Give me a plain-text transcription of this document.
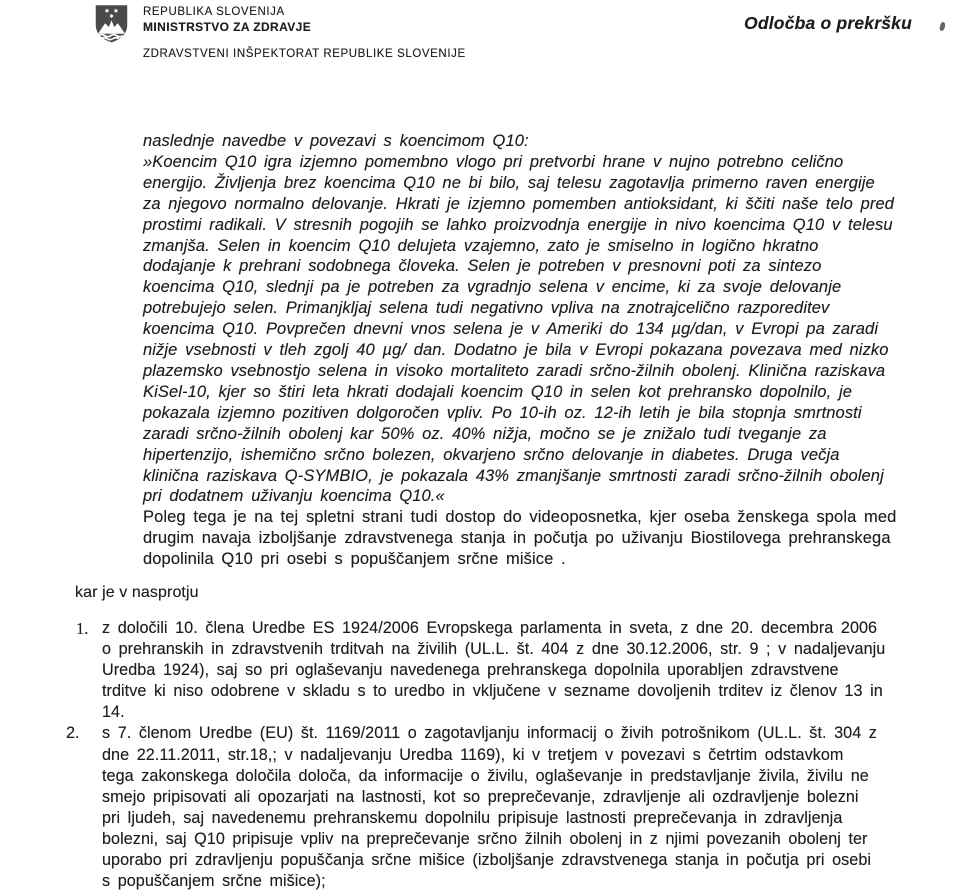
REPUBLIKA SLOVENIJA
MINISTRSTVO ZA ZDRAVJE
ZDRAVSTVENI INŠPEKTORAT REPUBLIKE SLOVENIJE
Odločba o prekršku
naslednje navedbe v povezavi s koencimom Q10:
»Koencim Q10 igra izjemno pomembno vlogo pri pretvorbi hrane v nujno potrebno celično
energijo. Življenja brez koencima Q10 ne bi bilo, saj telesu zagotavlja primerno raven energije
za njegovo normalno delovanje. Hkrati je izjemno pomemben antioksidant, ki ščiti naše telo pred
prostimi radikali. V stresnih pogojih se lahko proizvodnja energije in nivo koencima Q10 v telesu
zmanjša. Selen in koencim Q10 delujeta vzajemno, zato je smiselno in logično hkratno
dodajanje k prehrani sodobnega človeka. Selen je potreben v presnovni poti za sintezo
koencima Q10, slednji pa je potreben za vgradnjo selena v encime, ki za svoje delovanje
potrebujejo selen. Primanjkljaj selena tudi negativno vpliva na znotrajcelično razporeditev
koencima Q10. Povprečen dnevni vnos selena je v Ameriki do 134 µg/dan, v Evropi pa zaradi
nižje vsebnosti v tleh zgolj 40 µg/ dan. Dodatno je bila v Evropi pokazana povezava med nizko
plazemsko vsebnostjo selena in visoko mortaliteto zaradi srčno-žilnih obolenj. Klinična raziskava
KiSel-10, kjer so štiri leta hkrati dodajali koencim Q10 in selen kot prehransko dopolnilo, je
pokazala izjemno pozitiven dolgoročen vpliv. Po 10-ih oz. 12-ih letih je bila stopnja smrtnosti
zaradi srčno-žilnih obolenj kar 50% oz. 40% nižja, močno se je znižalo tudi tveganje za
hipertenzijo, ishemično srčno bolezen, okvarjeno srčno delovanje in diabetes. Druga večja
klinična raziskava Q-SYMBIO, je pokazala 43% zmanjšanje smrtnosti zaradi srčno-žilnih obolenj
pri dodatnem uživanju koencima Q10.«
Poleg tega je na tej spletni strani tudi dostop do videoposnetka, kjer oseba ženskega spola med
drugim navaja izboljšanje zdravstvenega stanja in počutja po uživanju Biostilovega prehranskega
dopolinila Q10 pri osebi s popuščanjem srčne mišice .
kar je v nasprotju
1. z določili 10. člena Uredbe ES 1924/2006 Evropskega parlamenta in sveta, z dne 20. decembra 2006
o prehranskih in zdravstvenih trditvah na živilih (UL.L. št. 404 z dne 30.12.2006, str. 9 ; v nadaljevanju
Uredba 1924), saj so pri oglaševanju navedenega prehranskega dopolnila uporabljen zdravstvene
trditve ki niso odobrene v skladu s to uredbo in vključene v sezname dovoljenih trditev iz členov 13 in
14.
2. s 7. členom Uredbe (EU) št. 1169/2011 o zagotavljanju informacij o živih potrošnikom (UL.L. št. 304 z
dne 22.11.2011, str.18,; v nadaljevanju Uredba 1169), ki v tretjem v povezavi s četrtim odstavkom
tega zakonskega določila določa, da informacije o živilu, oglaševanje in predstavljanje živila, živilu ne
smejo pripisovati ali opozarjati na lastnosti, kot so preprečevanje, zdravljenje ali ozdravljenje bolezni
pri ljudeh, saj navedenemu prehranskemu dopolnilu pripisuje lastnosti preprečevanja in zdravljenja
bolezni, saj Q10 pripisuje vpliv na preprečevanje srčno žilnih obolenj in z njimi povezanih obolenj ter
uporabo pri zdravljenju popuščanja srčne mišice (izboljšanje zdravstvenega stanja in počutja pri osebi
s popuščanjem srčne mišice);
